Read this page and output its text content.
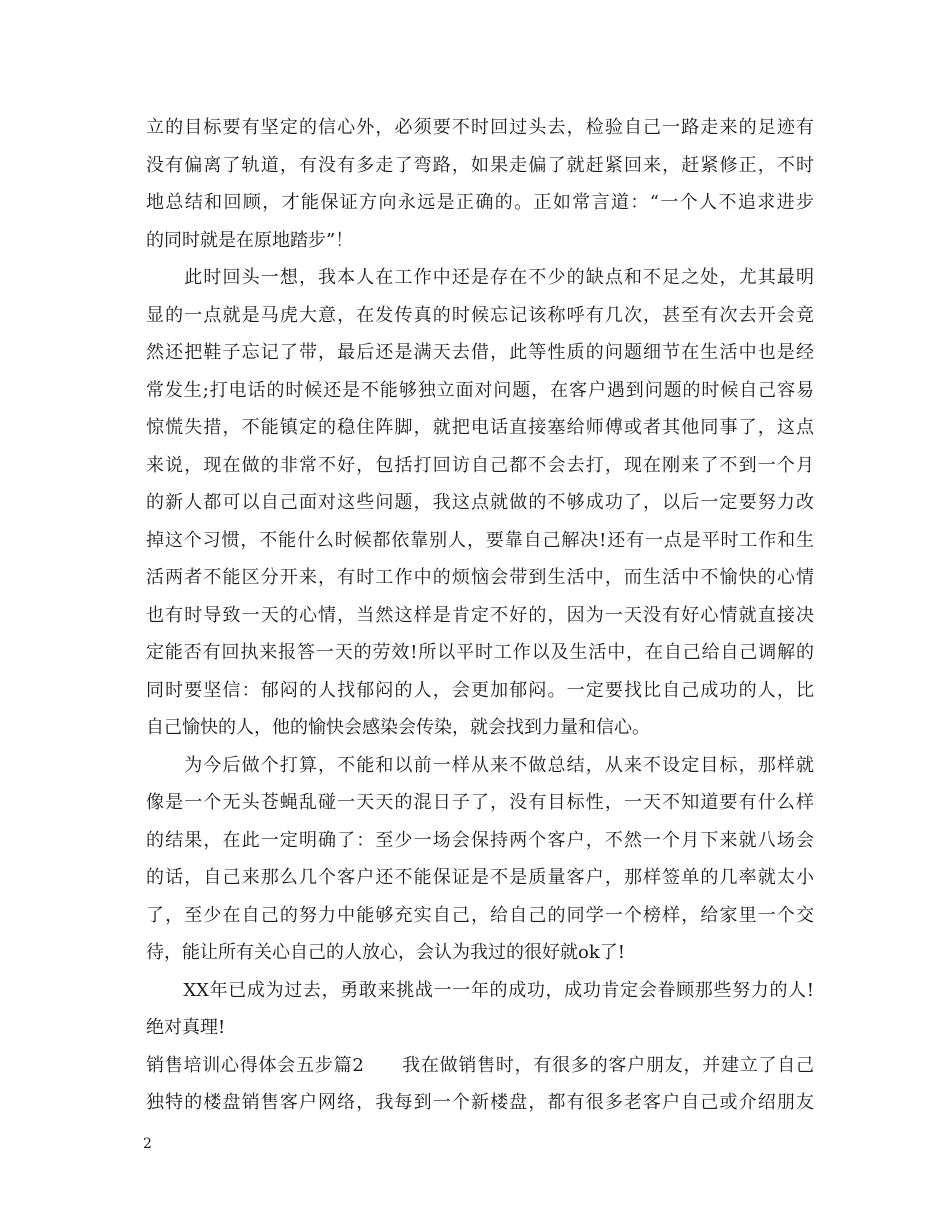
立的目标要有坚定的信心外，必须要不时回过头去，检验自己一路走来的足迹有
没有偏离了轨道，有没有多走了弯路，如果走偏了就赶紧回来，赶紧修正，不时
地总结和回顾，才能保证方向永远是正确的。正如常言道：“一个人不追求进步
的同时就是在原地踏步”！
　　此时回头一想，我本人在工作中还是存在不少的缺点和不足之处，尤其最明
显的一点就是马虎大意，在发传真的时候忘记该称呼有几次，甚至有次去开会竟
然还把鞋子忘记了带，最后还是满天去借，此等性质的问题细节在生活中也是经
常发生;打电话的时候还是不能够独立面对问题，在客户遇到问题的时候自己容易
惊慌失措，不能镇定的稳住阵脚，就把电话直接塞给师傅或者其他同事了，这点
来说，现在做的非常不好，包括打回访自己都不会去打，现在刚来了不到一个月
的新人都可以自己面对这些问题，我这点就做的不够成功了，以后一定要努力改
掉这个习惯，不能什么时候都依靠别人，要靠自己解决!还有一点是平时工作和生
活两者不能区分开来，有时工作中的烦恼会带到生活中，而生活中不愉快的心情
也有时导致一天的心情，当然这样是肯定不好的，因为一天没有好心情就直接决
定能否有回执来报答一天的劳效!所以平时工作以及生活中，在自己给自己调解的
同时要坚信：郁闷的人找郁闷的人，会更加郁闷。一定要找比自己成功的人，比
自己愉快的人，他的愉快会感染会传染，就会找到力量和信心。
　　为今后做个打算，不能和以前一样从来不做总结，从来不设定目标，那样就
像是一个无头苍蝇乱碰一天天的混日子了，没有目标性，一天不知道要有什么样
的结果，在此一定明确了：至少一场会保持两个客户，不然一个月下来就八场会
的话，自己来那么几个客户还不能保证是不是质量客户，那样签单的几率就太小
了，至少在自己的努力中能够充实自己，给自己的同学一个榜样，给家里一个交
待，能让所有关心自己的人放心，会认为我过的很好就ok了!
　　XX年已成为过去，勇敢来挑战一一年的成功，成功肯定会眷顾那些努力的人!
绝对真理!
销售培训心得体会五步篇2　　我在做销售时，有很多的客户朋友，并建立了自己
独特的楼盘销售客户网络，我每到一个新楼盘，都有很多老客户自己或介绍朋友
2
